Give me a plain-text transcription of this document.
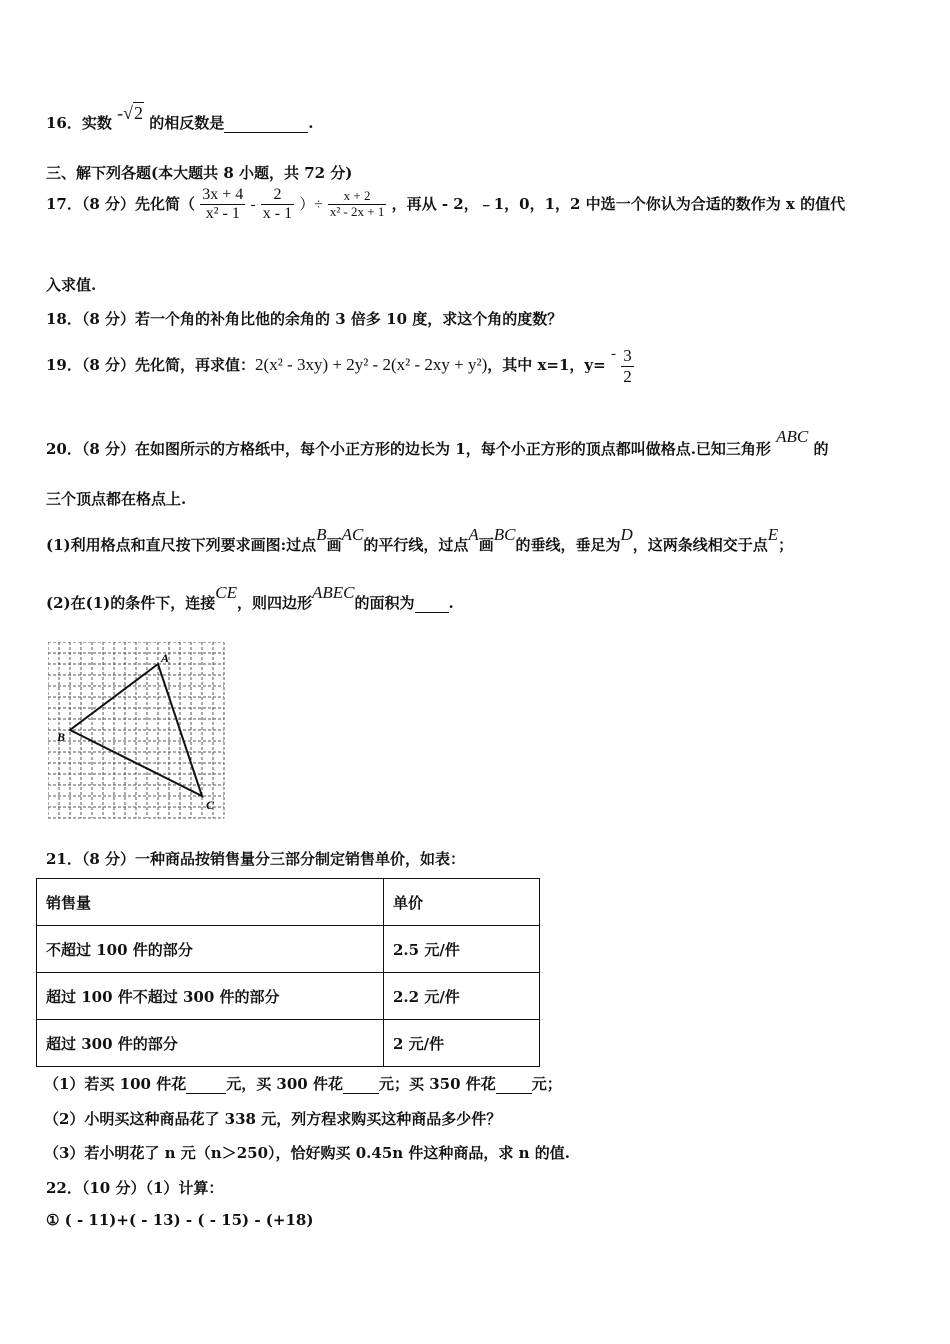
16．实数 -√2 的相反数是	.
三、解下列各题(本大题共 8 小题，共 72 分)
17．（8 分）先化简（ $\frac{3x + 4}{\text{x² - 1}} - \frac{2}{x - 1}$ ）÷ $\frac{x + 2}{\text{x² - 2x + 1}}$ ，再从 - 2，﹣1，0，1，2 中选一个你认为合适的数作为 x 的值代
入求值.
18．（8 分）若一个角的补角比他的余角的 3 倍多 10 度，求这个角的度数？
19．（8 分）先化简，再求值：2(x² - 3xy) + 2y² - 2(x² - 2xy + y²)，其中 x=1，$y= - \frac{3}{2}$
20．（8 分）在如图所示的方格纸中，每个小正方形的边长为 1，每个小正方形的顶点都叫做格点.已知三角形 ABC 的
三个顶点都在格点上.
(1)利用格点和直尺按下列要求画图:过点B画AC的平行线，过点A画BC的垂线，垂足为D，这两条线相交于点E；
(2)在(1)的条件下，连接CE，则四边形ABEC的面积为 .
A
B
C
21．（8 分）一种商品按销售量分三部分制定销售单价，如表：
销售量	单价
不超过 100 件的部分	2.5 元/件
超过 100 件不超过 300 件的部分	2.2 元/件
超过 300 件的部分	2 元/件
（1）若买 100 件花	元，买 300 件花 元；买 350 件花 元；
（2）小明买这种商品花了 338 元，列方程求购买这种商品多少件？
（3）若小明花了 n 元（n＞250），恰好购买 0.45n 件这种商品，求 n 的值.
22．（10 分）（1）计算：
① ( - 11)+( - 13) - ( - 15) - (+18)
